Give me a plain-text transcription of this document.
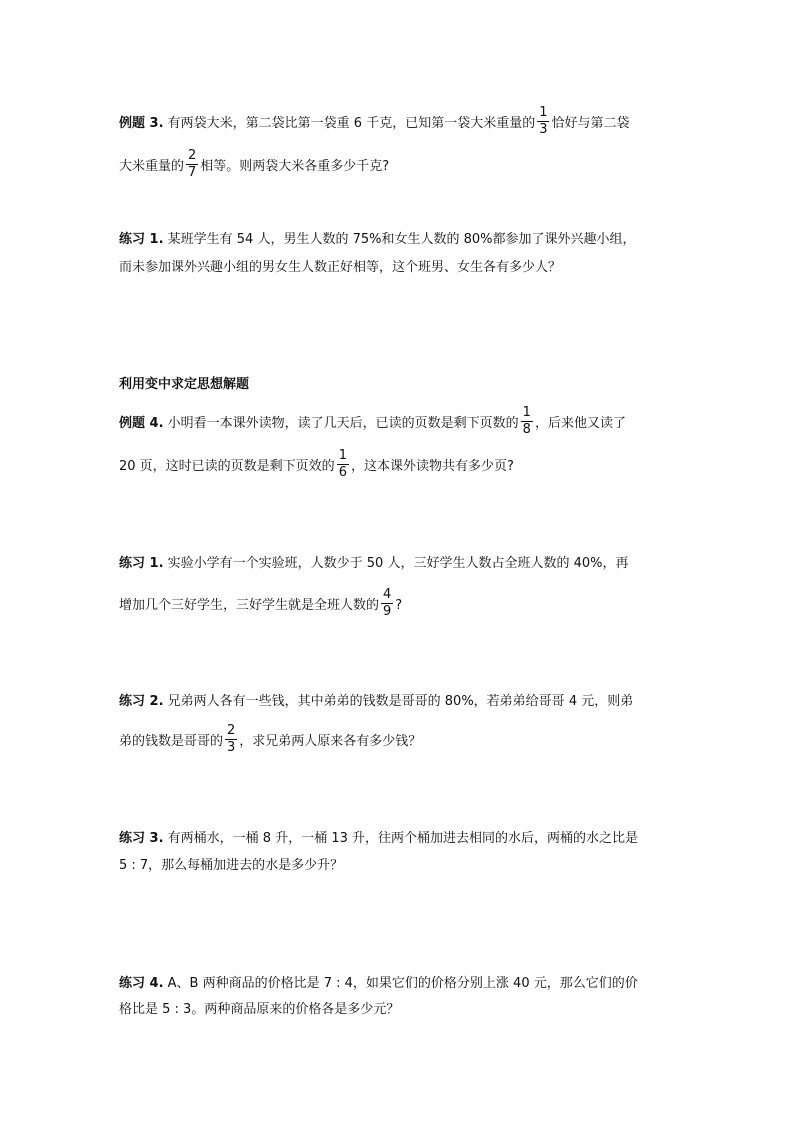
例题 3. 有两袋大米，第二袋比第一袋重 6 千克，已知第一袋大米重量的 $\frac{1}{3}$ 恰好与第二袋
大米重量的 $\frac{2}{7}$ 相等。则两袋大米各重多少千克?
练习 1. 某班学生有 54 人，男生人数的 75%和女生人数的 80%都参加了课外兴趣小组，
而未参加课外兴趣小组的男女生人数正好相等，这个班男、女生各有多少人？
利用变中求定思想解题
例题 4. 小明看一本课外读物，读了几天后，已读的页数是剩下页数的 $\frac{1}{8}$ ，后来他又读了
20 页，这时已读的页数是剩下页效的 $\frac{1}{6}$ ，这本课外读物共有多少页?
练习 1. 实验小学有一个实验班，人数少于 50 人，三好学生人数占全班人数的 40%，再
增加几个三好学生，三好学生就是全班人数的 $\frac{4}{9}$ ?
练习 2. 兄弟两人各有一些钱，其中弟弟的钱数是哥哥的 80%，若弟弟给哥哥 4 元，则弟
弟的钱数是哥哥的 $\frac{2}{3}$ ，求兄弟两人原来各有多少钱？
练习 3. 有两桶水，一桶 8 升，一桶 13 升，往两个桶加进去相同的水后，两桶的水之比是
5 : 7，那么每桶加进去的水是多少升？
练习 4. A、B 两种商品的价格比是 7 : 4，如果它们的价格分别上涨 40 元，那么它们的价
格比是 5 : 3。两种商品原来的价格各是多少元？
